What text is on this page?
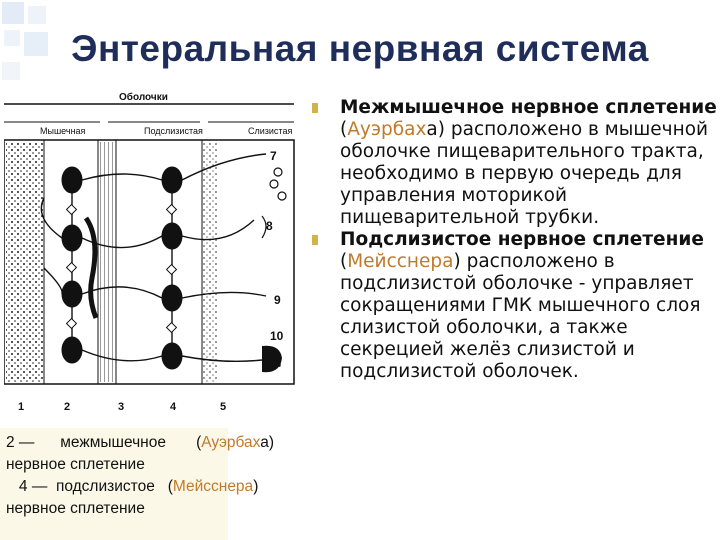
Энтеральная нервная система
Оболочки
Мышечная	Подслизистая	Слизистая
6
7
8
9
10
1	2	3	4	5
2 —      межмышечное       (Ауэрбаха)
нервное сплетение
4 —  подслизистое   (Мейсснера)
нервное сплетение
Межмышечное нервное сплетение (Ауэрбаха) расположено в мышечной оболочке пищеварительного тракта, необходимо в первую очередь для управления моторикой пищеварительной трубки.
Подслизистое нервное сплетение (Мейсснера) расположено в подслизистой оболочке - управляет сокращениями ГМК мышечного слоя слизистой оболочки, а также секрецией желёз слизистой и подслизистой оболочек.
